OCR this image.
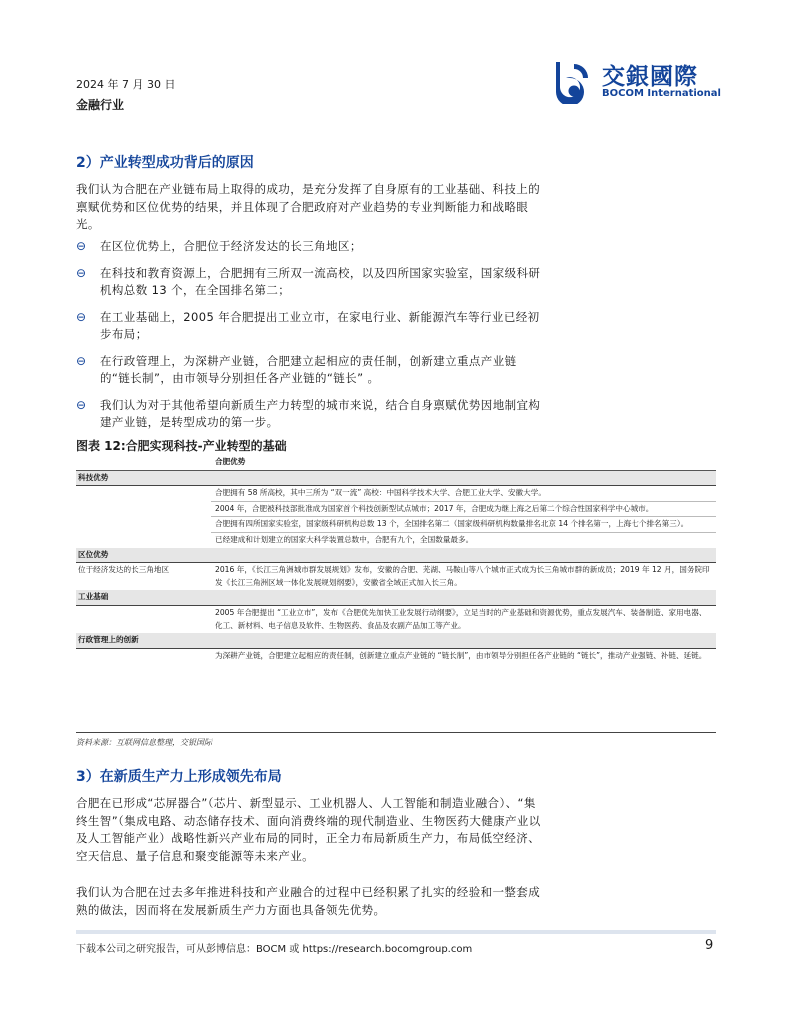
2024 年 7 月 30 日
金融行业
交銀國際
BOCOM International
2）产业转型成功背后的原因
我们认为合肥在产业链布局上取得的成功，是充分发挥了自身原有的工业基础、科技上的禀赋优势和区位优势的结果，并且体现了合肥政府对产业趋势的专业判断能力和战略眼光。
⊖ 在区位优势上，合肥位于经济发达的长三角地区；
⊖ 在科技和教育资源上，合肥拥有三所双一流高校，以及四所国家实验室，国家级科研机构总数 13 个，在全国排名第二；
⊖ 在工业基础上，2005 年合肥提出工业立市，在家电行业、新能源汽车等行业已经初步布局；
⊖ 在行政管理上，为深耕产业链，合肥建立起相应的责任制，创新建立重点产业链的“链长制”，由市领导分别担任各产业链的“链长” 。
⊖ 我们认为对于其他希望向新质生产力转型的城市来说，结合自身禀赋优势因地制宜构建产业链，是转型成功的第一步。
图表 12:合肥实现科技-产业转型的基础
	合肥优势
科技优势	
	合肥拥有 58 所高校，其中三所为 “双一流” 高校：中国科学技术大学、合肥工业大学、安徽大学。
	2004 年，合肥被科技部批准成为国家首个科技创新型试点城市；2017 年，合肥成为继上海之后第二个综合性国家科学中心城市。
	合肥拥有四所国家实验室，国家级科研机构总数 13 个，全国排名第二（国家级科研机构数量排名北京 14 个排名第一，上海七个排名第三）。
	已经建成和计划建立的国家大科学装置总数中，合肥有九个，全国数量最多。
区位优势	
位于经济发达的长三角地区	2016 年，《长江三角洲城市群发展规划》发布，安徽的合肥、芜湖、马鞍山等八个城市正式成为长三角城市群的新成员；2019 年 12 月，国务院印发《长江三角洲区域一体化发展规划纲要》，安徽省全域正式加入长三角。
工业基础	
	2005 年合肥提出 “工业立市”，发布《合肥优先加快工业发展行动纲要》，立足当时的产业基础和资源优势，重点发展汽车、装备制造、家用电器、化工、新材料、电子信息及软件、生物医药、食品及农副产品加工等产业。
行政管理上的创新	
	为深耕产业链，合肥建立起相应的责任制，创新建立重点产业链的 “链长制”，由市领导分别担任各产业链的 “链长”，推动产业强链、补链、延链。
资料来源：互联网信息整理，交银国际
3）在新质生产力上形成领先布局
合肥在已形成“芯屏器合”（芯片、新型显示、工业机器人、人工智能和制造业融合）、“集终生智”（集成电路、动态储存技术、面向消费终端的现代制造业、生物医药大健康产业以及人工智能产业）战略性新兴产业布局的同时，正全力布局新质生产力，布局低空经济、空天信息、量子信息和聚变能源等未来产业。
我们认为合肥在过去多年推进科技和产业融合的过程中已经积累了扎实的经验和一整套成熟的做法，因而将在发展新质生产力方面也具备领先优势。
下载本公司之研究报告，可从彭博信息：BOCM 或 https://research.bocomgroup.com	9
